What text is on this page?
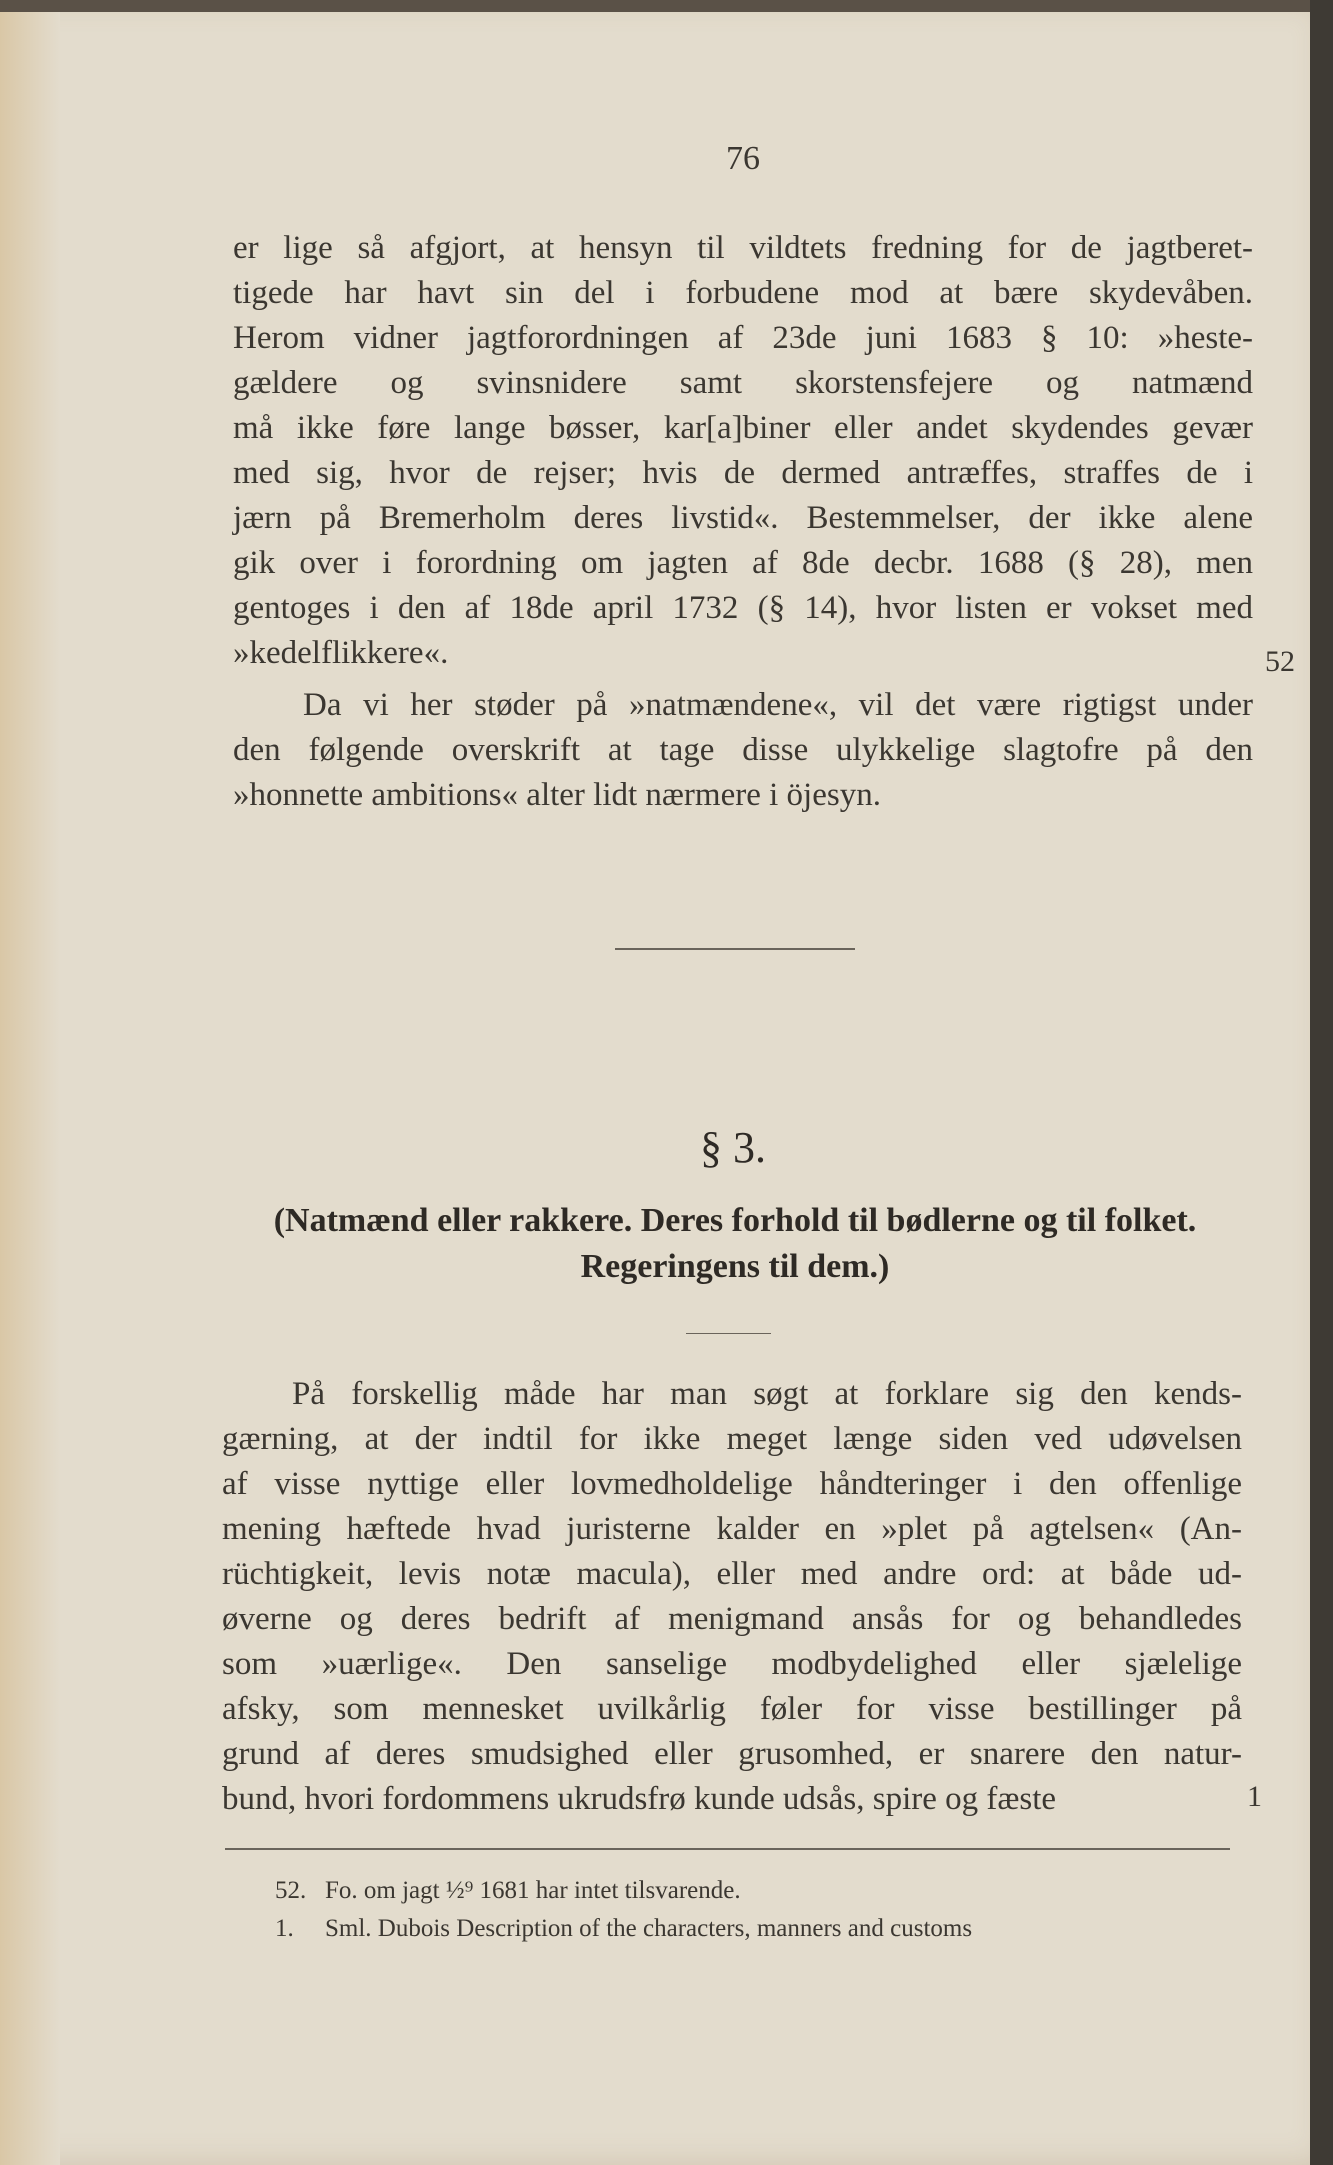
76
er lige så afgjort, at hensyn til vildtets fredning for de jagtberet-
tigede har havt sin del i forbudene mod at bære skydevåben.
Herom vidner jagtforordningen af 23de juni 1683 § 10: »heste-
gældere og svinsnidere samt skorstensfejere og natmænd
må ikke føre lange bøsser, kar[a]biner eller andet skydendes gevær
med sig, hvor de rejser; hvis de dermed antræffes, straffes de i
jærn på Bremerholm deres livstid«. Bestemmelser, der ikke alene
gik over i forordning om jagten af 8de decbr. 1688 (§ 28), men
gentoges i den af 18de april 1732 (§ 14), hvor listen er vokset med
»kedelflikkere«.	52
Da vi her støder på »natmændene«, vil det være rigtigst under
den følgende overskrift at tage disse ulykkelige slagtofre på den
»honnette ambitions« alter lidt nærmere i öjesyn.
§ 3.
(Natmænd eller rakkere. Deres forhold til bødlerne og til folket.
Regeringens til dem.)
På forskellig måde har man søgt at forklare sig den kends-
gærning, at der indtil for ikke meget længe siden ved udøvelsen
af visse nyttige eller lovmedholdelige håndteringer i den offenlige
mening hæftede hvad juristerne kalder en »plet på agtelsen« (An-
rüchtigkeit, levis notæ macula), eller med andre ord: at både ud-
øverne og deres bedrift af menigmand ansås for og behandledes
som »uærlige«. Den sanselige modbydelighed eller sjælelige
afsky, som mennesket uvilkårlig føler for visse bestillinger på
grund af deres smudsighed eller grusomhed, er snarere den natur-
bund, hvori fordommens ukrudsfrø kunde udsås, spire og fæste	1
52. Fo. om jagt ½⁹ 1681 har intet tilsvarende.
1. Sml. Dubois Description of the characters, manners and customs
